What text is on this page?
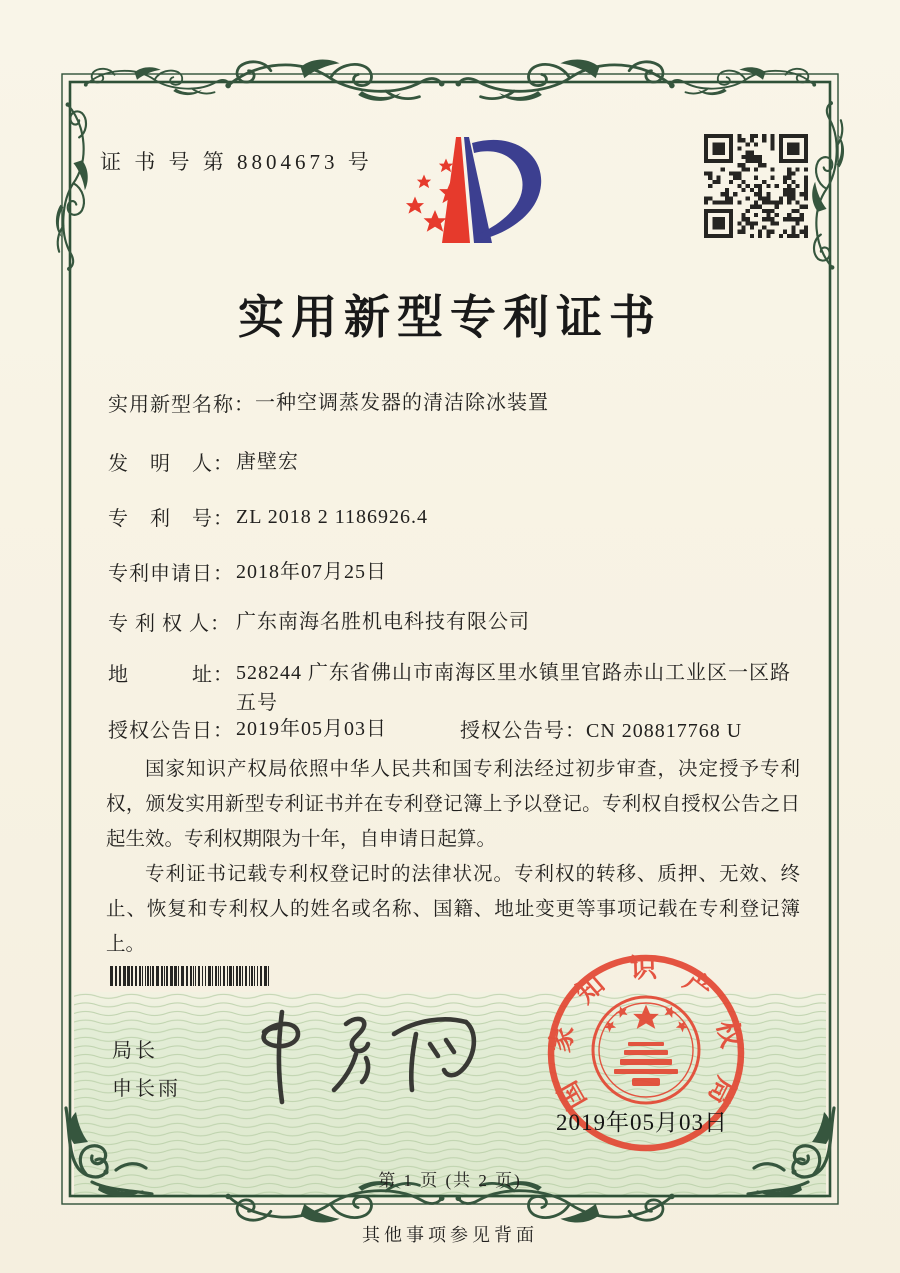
证 书 号 第 8804673 号
实用新型专利证书
实用新型名称： 一种空调蒸发器的清洁除冰装置
发　明　人： 唐壁宏
专　利　号： ZL 2018 2 1186926.4
专利申请日： 2018年07月25日
专 利 权 人： 广东南海名胜机电科技有限公司
地　　　址： 528244 广东省佛山市南海区里水镇里官路赤山工业区一区路五号
授权公告日： 2019年05月03日	授权公告号：CN 208817768 U

国家知识产权局依照中华人民共和国专利法经过初步审查，决定授予专利权，颁发实用新型专利证书并在专利登记簿上予以登记。专利权自授权公告之日起生效。专利权期限为十年，自申请日起算。

专利证书记载专利权登记时的法律状况。专利权的转移、质押、无效、终止、恢复和专利权人的姓名或名称、国籍、地址变更等事项记载在专利登记簿上。

局长
申长雨	国家知识产权局
2019年05月03日
第 1 页 (共 2 页)
其他事项参见背面
